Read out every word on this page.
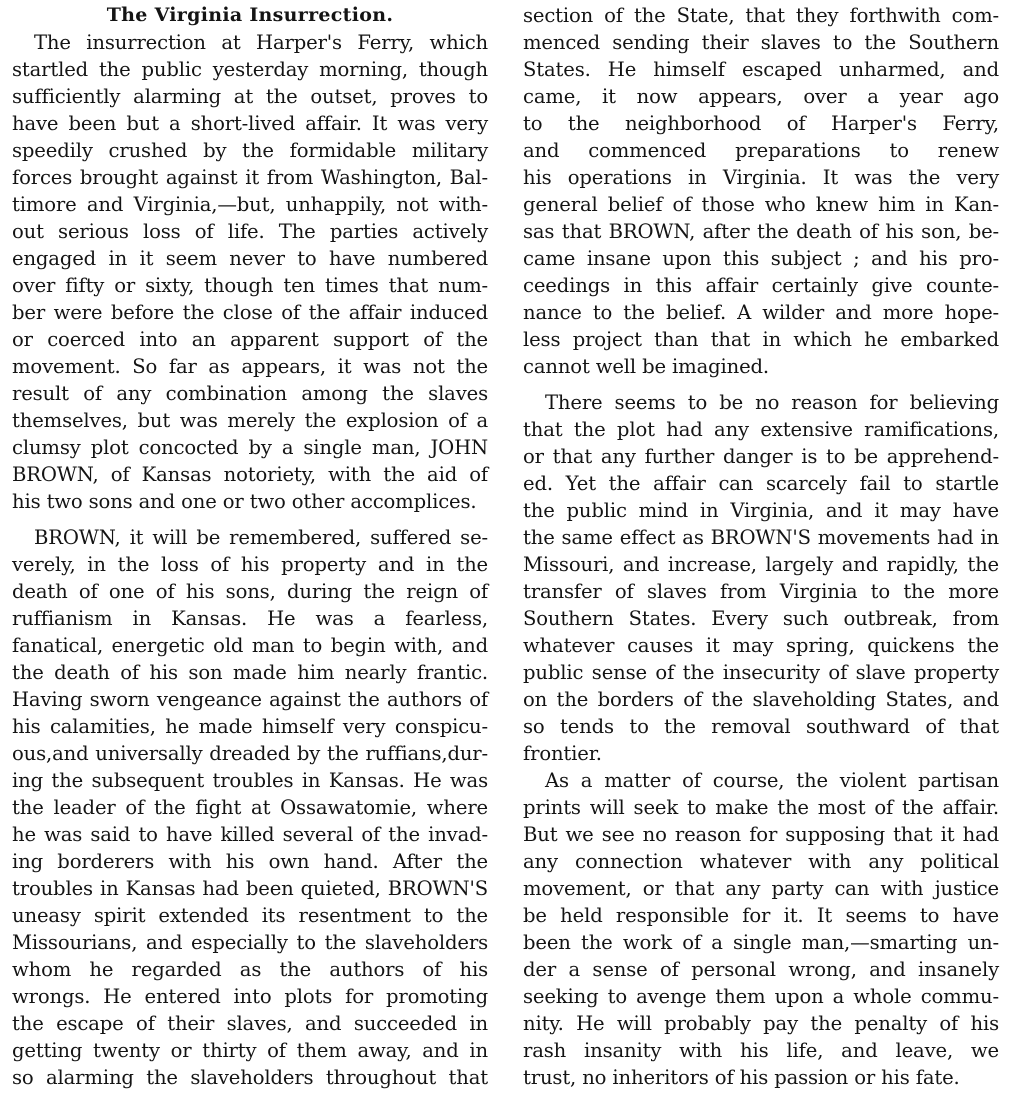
The Virginia Insurrection.
The insurrection at Harper's Ferry, which
startled the public yesterday morning, though
sufficiently alarming at the outset, proves to
have been but a short-lived affair. It was very
speedily crushed by the formidable military
forces brought against it from Washington, Bal-
timore and Virginia,—but, unhappily, not with-
out serious loss of life. The parties actively
engaged in it seem never to have numbered
over fifty or sixty, though ten times that num-
ber were before the close of the affair induced
or coerced into an apparent support of the
movement. So far as appears, it was not the
result of any combination among the slaves
themselves, but was merely the explosion of a
clumsy plot concocted by a single man, JOHN
BROWN, of Kansas notoriety, with the aid of
his two sons and one or two other accomplices.
BROWN, it will be remembered, suffered se-
verely, in the loss of his property and in the
death of one of his sons, during the reign of
ruffianism in Kansas. He was a fearless,
fanatical, energetic old man to begin with, and
the death of his son made him nearly frantic.
Having sworn vengeance against the authors of
his calamities, he made himself very conspicu-
ous,and universally dreaded by the ruffians,dur-
ing the subsequent troubles in Kansas. He was
the leader of the fight at Ossawatomie, where
he was said to have killed several of the invad-
ing borderers with his own hand. After the
troubles in Kansas had been quieted, BROWN'S
uneasy spirit extended its resentment to the
Missourians, and especially to the slaveholders
whom he regarded as the authors of his
wrongs. He entered into plots for promoting
the escape of their slaves, and succeeded in
getting twenty or thirty of them away, and in
so alarming the slaveholders throughout that
section of the State, that they forthwith com-
menced sending their slaves to the Southern
States. He himself escaped unharmed, and
came, it now appears, over a year ago
to the neighborhood of Harper's Ferry,
and commenced preparations to renew
his operations in Virginia. It was the very
general belief of those who knew him in Kan-
sas that BROWN, after the death of his son, be-
came insane upon this subject ; and his pro-
ceedings in this affair certainly give counte-
nance to the belief. A wilder and more hope-
less project than that in which he embarked
cannot well be imagined.
There seems to be no reason for believing
that the plot had any extensive ramifications,
or that any further danger is to be apprehend-
ed. Yet the affair can scarcely fail to startle
the public mind in Virginia, and it may have
the same effect as BROWN'S movements had in
Missouri, and increase, largely and rapidly, the
transfer of slaves from Virginia to the more
Southern States. Every such outbreak, from
whatever causes it may spring, quickens the
public sense of the insecurity of slave property
on the borders of the slaveholding States, and
so tends to the removal southward of that
frontier.
As a matter of course, the violent partisan
prints will seek to make the most of the affair.
But we see no reason for supposing that it had
any connection whatever with any political
movement, or that any party can with justice
be held responsible for it. It seems to have
been the work of a single man,—smarting un-
der a sense of personal wrong, and insanely
seeking to avenge them upon a whole commu-
nity. He will probably pay the penalty of his
rash insanity with his life, and leave, we
trust, no inheritors of his passion or his fate.
